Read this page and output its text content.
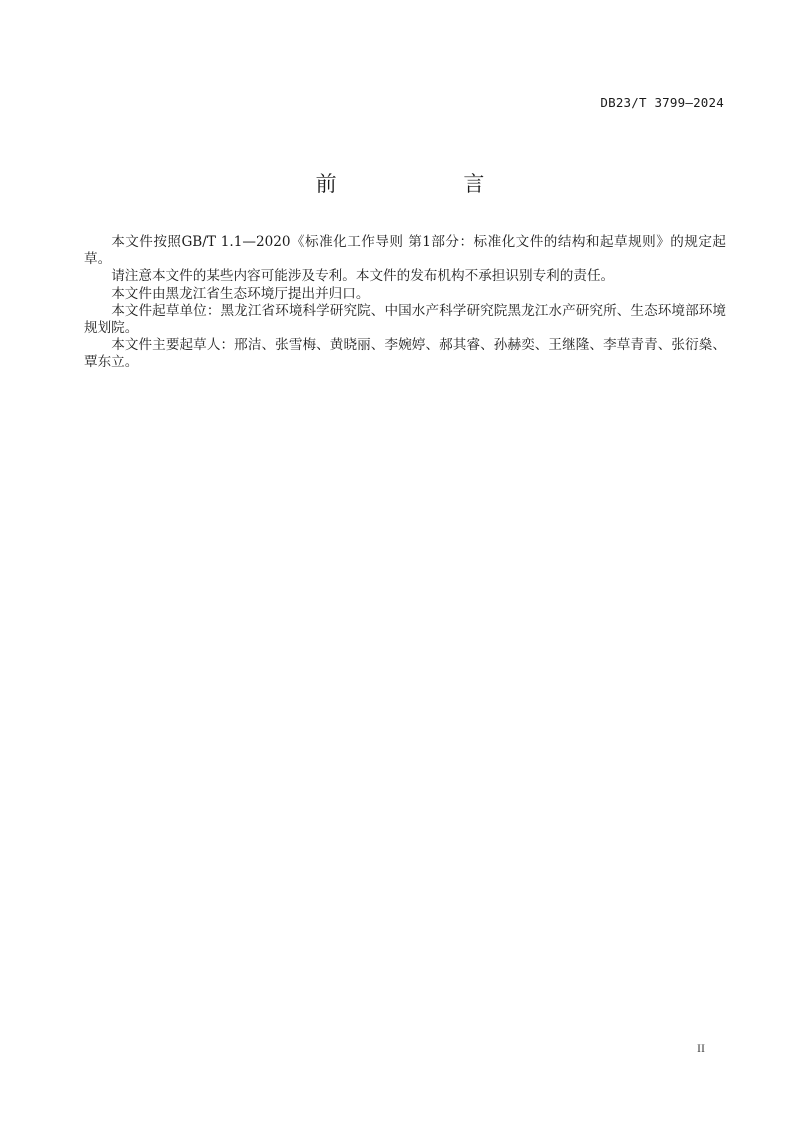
DB23/T 3799—2024
前 言

本文件按照GB/T 1.1—2020《标准化工作导则 第1部分：标准化文件的结构和起草规则》的规定起草。

请注意本文件的某些内容可能涉及专利。本文件的发布机构不承担识别专利的责任。

本文件由黑龙江省生态环境厅提出并归口。

本文件起草单位：黑龙江省环境科学研究院、中国水产科学研究院黑龙江水产研究所、生态环境部环境规划院。

本文件主要起草人：邢洁、张雪梅、黄晓丽、李婉婷、郝其睿、孙赫奕、王继隆、李草青青、张衍燊、覃东立。

II
